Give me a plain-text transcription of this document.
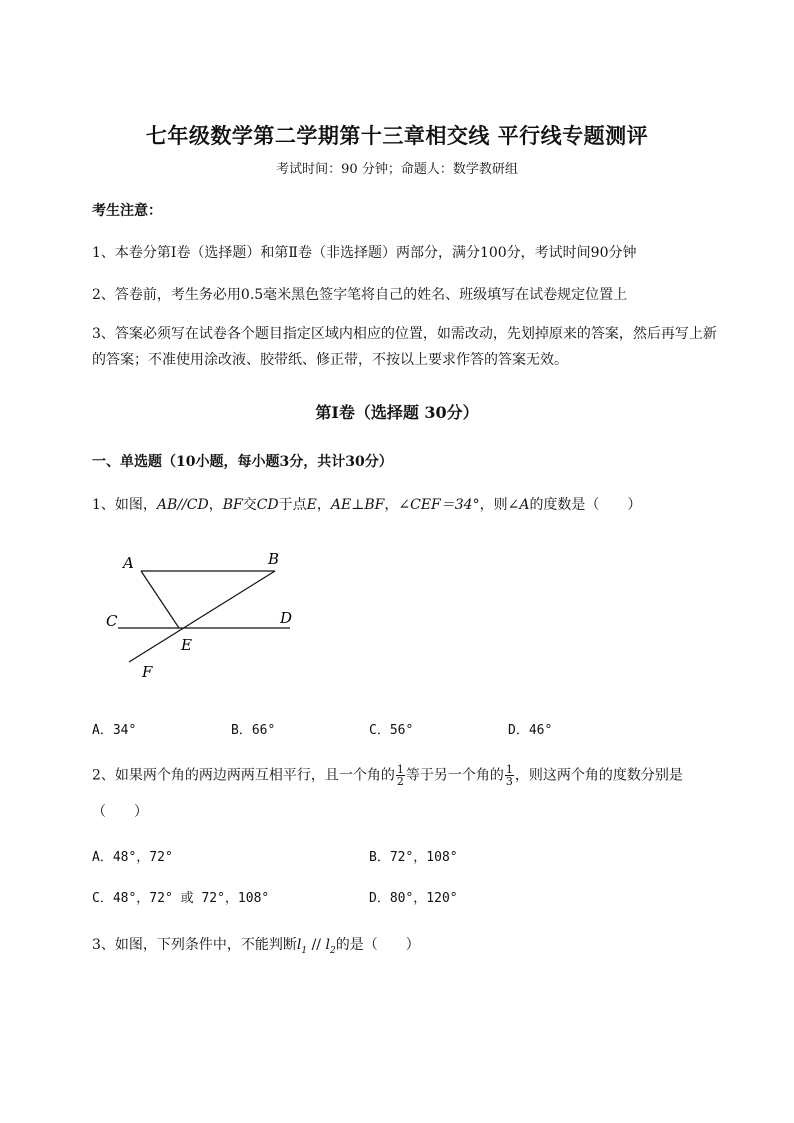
七年级数学第二学期第十三章相交线 平行线专题测评
考试时间：90 分钟；命题人：数学教研组
考生注意：
1、本卷分第Ⅰ卷（选择题）和第Ⅱ卷（非选择题）两部分，满分100分，考试时间90分钟
2、答卷前，考生务必用0.5毫米黑色签字笔将自己的姓名、班级填写在试卷规定位置上
3、答案必须写在试卷各个题目指定区域内相应的位置，如需改动，先划掉原来的答案，然后再写上新的答案；不准使用涂改液、胶带纸、修正带，不按以上要求作答的答案无效。
第Ⅰ卷（选择题 30分）
一、单选题（10小题，每小题3分，共计30分）
1、如图，AB//CD，BF交CD于点E，AE⊥BF，∠CEF＝34°，则∠A的度数是（　　）
A	B
C	D
E
F
A．34°	B．66°	C．56°	D．46°
2、如果两个角的两边两两互相平行，且一个角的 $\frac{1}{2}$ 等于另一个角的 $\frac{1}{3}$ ，则这两个角的度数分别是
（　　）
A．48°，72°	B．72°，108°
C．48°，72° 或 72°，108°	D．80°，120°
3、如图，下列条件中，不能判断$l_1 // l_2$的是（　　）
